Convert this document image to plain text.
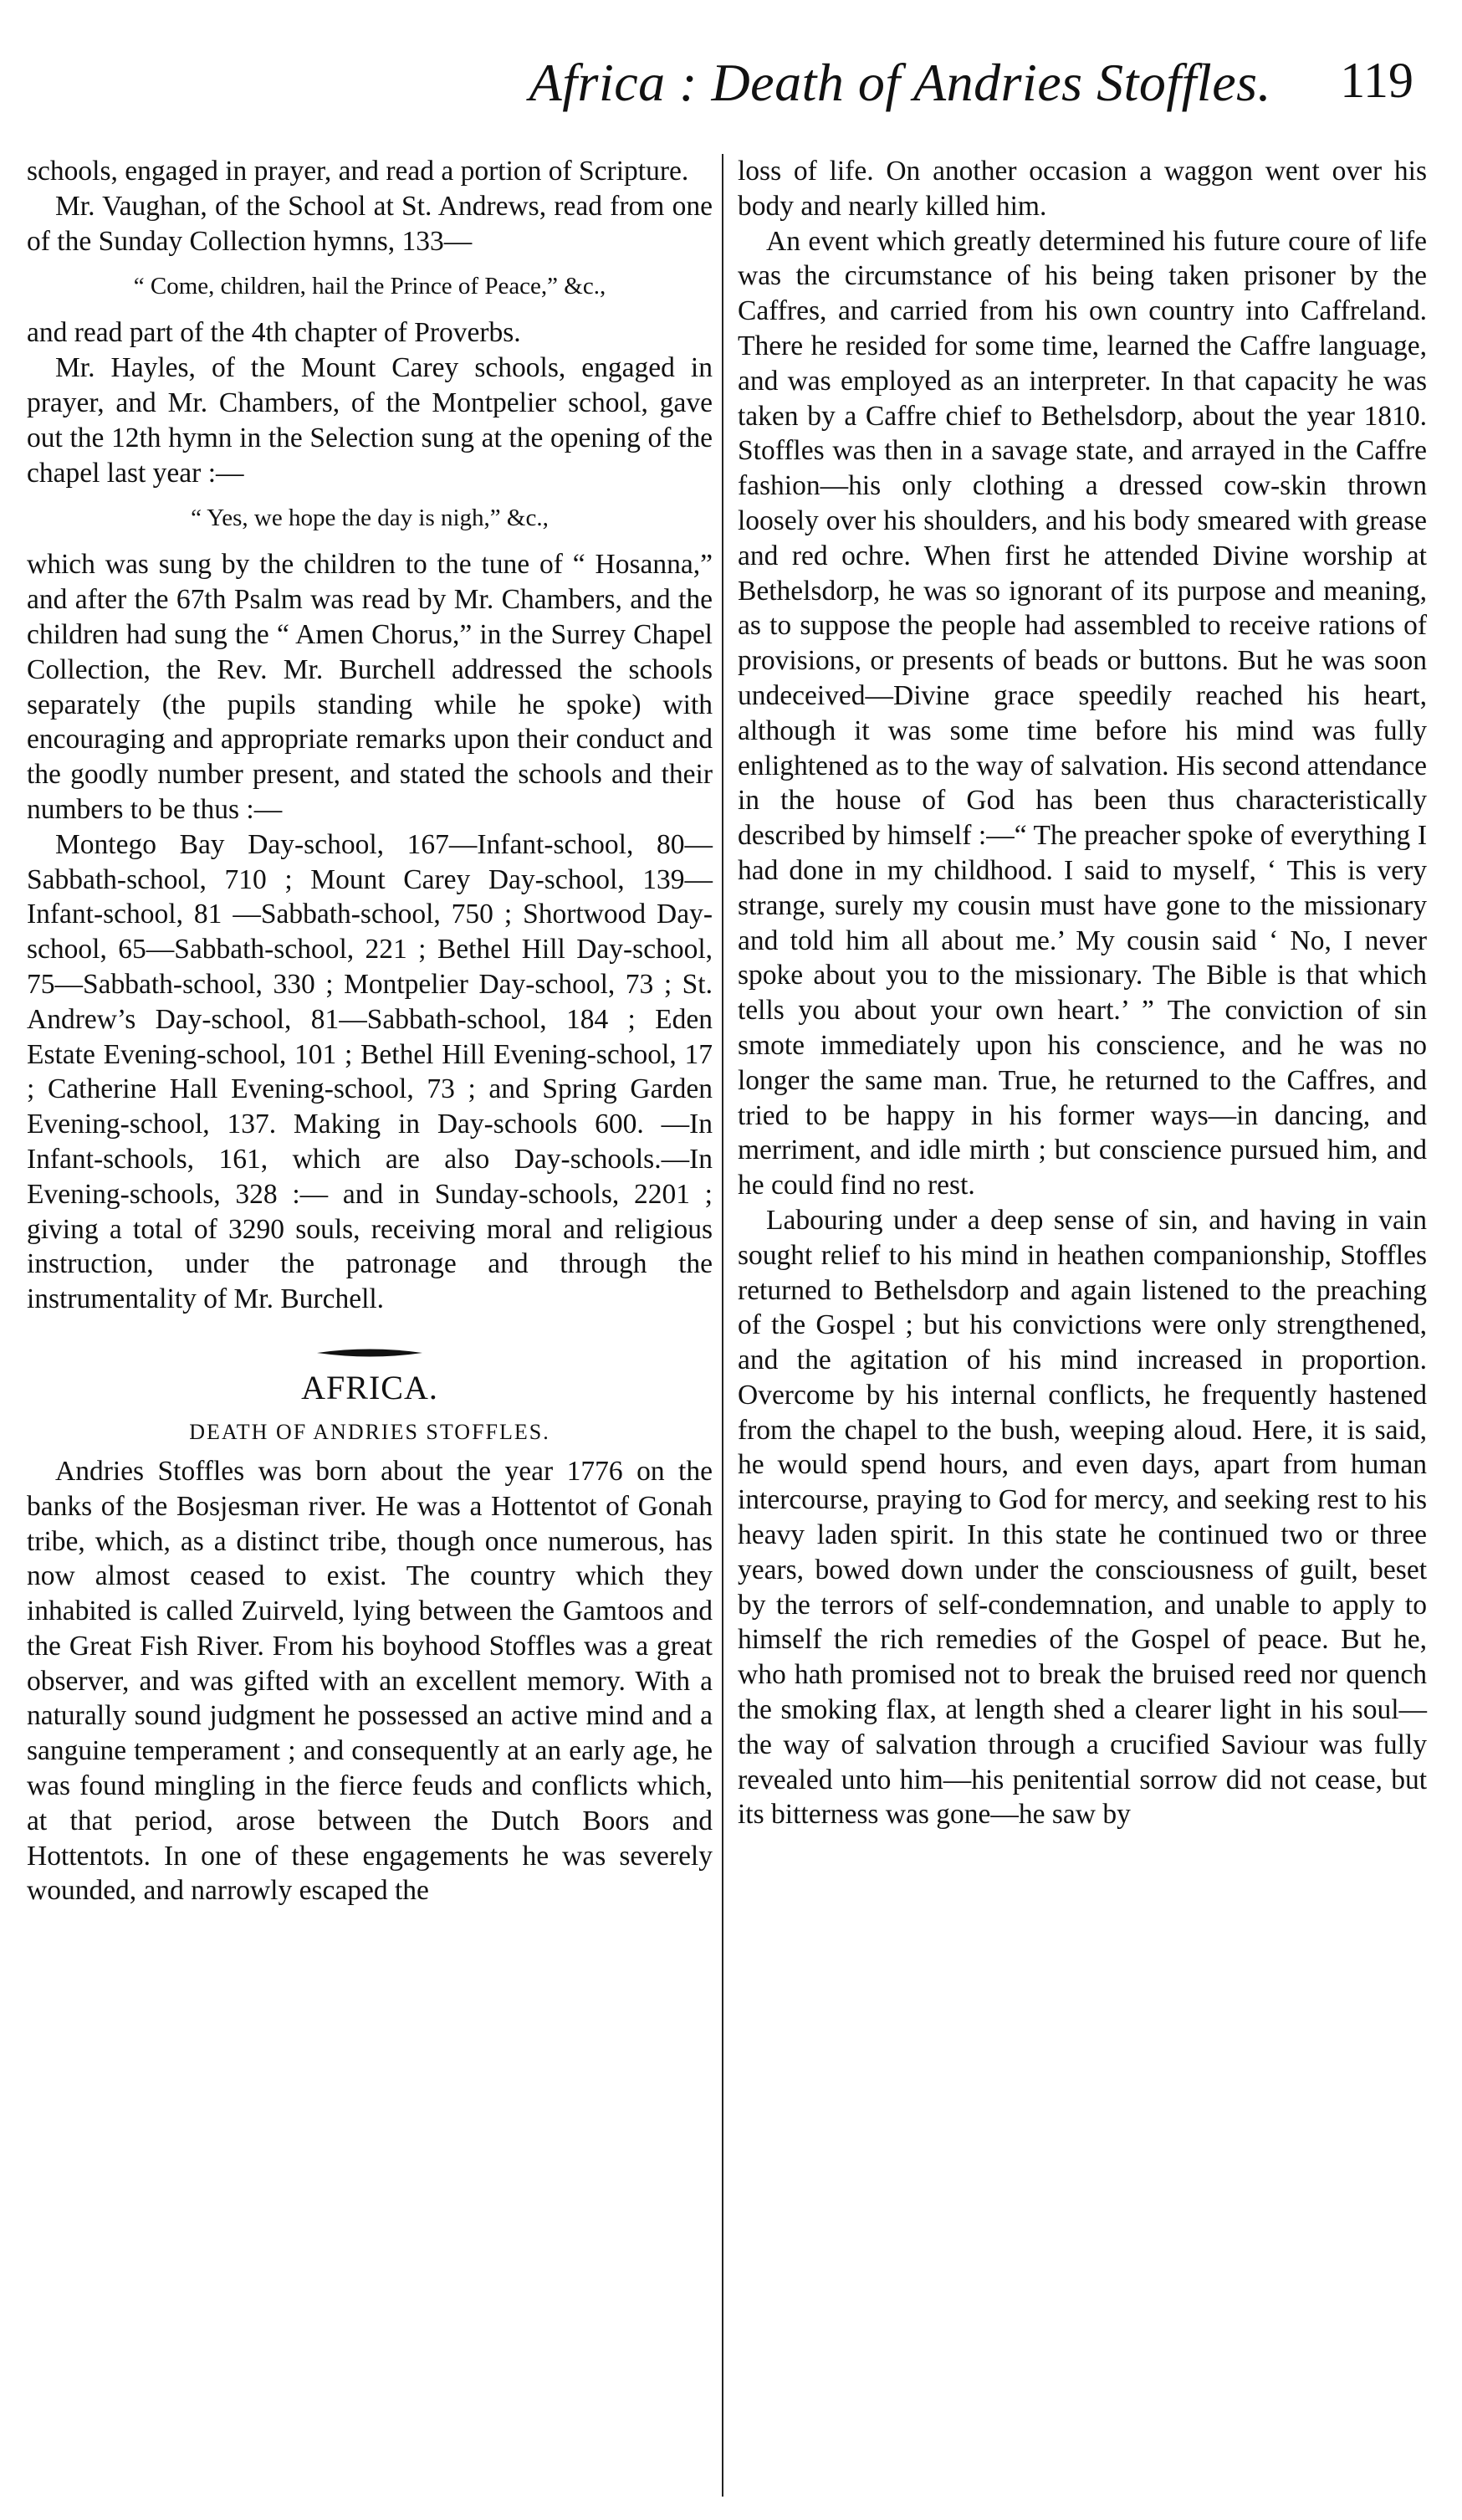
Africa : Death of Andries Stoffles. 119

schools, engaged in prayer, and read a portion of Scripture.

Mr. Vaughan, of the School at St. Andrews, read from one of the Sunday Collection hymns, 133—

“ Come, children, hail the Prince of Peace,” &c.,

and read part of the 4th chapter of Proverbs.

Mr. Hayles, of the Mount Carey schools, engaged in prayer, and Mr. Chambers, of the Montpelier school, gave out the 12th hymn in the Selection sung at the opening of the chapel last year :—

“ Yes, we hope the day is nigh,” &c.,

which was sung by the children to the tune of “ Hosanna,” and after the 67th Psalm was read by Mr. Chambers, and the children had sung the “ Amen Chorus,” in the Surrey Chapel Collection, the Rev. Mr. Burchell addressed the schools separately (the pupils standing while he spoke) with encouraging and appropriate remarks upon their conduct and the goodly number present, and stated the schools and their numbers to be thus :—

Montego Bay Day-school, 167—Infant-school, 80—Sabbath-school, 710 ; Mount Carey Day-school, 139—Infant-school, 81 —Sabbath-school, 750 ; Shortwood Day-school, 65—Sabbath-school, 221 ; Bethel Hill Day-school, 75—Sabbath-school, 330 ; Montpelier Day-school, 73 ; St. Andrew’s Day-school, 81—Sabbath-school, 184 ; Eden Estate Evening-school, 101 ; Bethel Hill Evening-school, 17 ; Catherine Hall Evening-school, 73 ; and Spring Garden Evening-school, 137. Making in Day-schools 600. —In Infant-schools, 161, which are also Day-schools.—In Evening-schools, 328 :— and in Sunday-schools, 2201 ; giving a total of 3290 souls, receiving moral and religious instruction, under the patronage and through the instrumentality of Mr. Burchell.

AFRICA.

DEATH OF ANDRIES STOFFLES.

Andries Stoffles was born about the year 1776 on the banks of the Bosjesman river. He was a Hottentot of Gonah tribe, which, as a distinct tribe, though once numerous, has now almost ceased to exist. The country which they inhabited is called Zuirveld, lying between the Gamtoos and the Great Fish River. From his boyhood Stoffles was a great observer, and was gifted with an excellent memory. With a naturally sound judgment he possessed an active mind and a sanguine temperament ; and consequently at an early age, he was found mingling in the fierce feuds and conflicts which, at that period, arose between the Dutch Boors and Hottentots. In one of these engagements he was severely wounded, and narrowly escaped the

loss of life. On another occasion a waggon went over his body and nearly killed him.

An event which greatly determined his future coure of life was the circumstance of his being taken prisoner by the Caffres, and carried from his own country into Caffreland. There he resided for some time, learned the Caffre language, and was employed as an interpreter. In that capacity he was taken by a Caffre chief to Bethelsdorp, about the year 1810. Stoffles was then in a savage state, and arrayed in the Caffre fashion—his only clothing a dressed cow-skin thrown loosely over his shoulders, and his body smeared with grease and red ochre. When first he attended Divine worship at Bethelsdorp, he was so ignorant of its purpose and meaning, as to suppose the people had assembled to receive rations of provisions, or presents of beads or buttons. But he was soon undeceived—Divine grace speedily reached his heart, although it was some time before his mind was fully enlightened as to the way of salvation. His second attendance in the house of God has been thus characteristically described by himself :—“ The preacher spoke of everything I had done in my childhood. I said to myself, ‘ This is very strange, surely my cousin must have gone to the missionary and told him all about me.’ My cousin said ‘ No, I never spoke about you to the missionary. The Bible is that which tells you about your own heart.’ ” The conviction of sin smote immediately upon his conscience, and he was no longer the same man. True, he returned to the Caffres, and tried to be happy in his former ways—in dancing, and merriment, and idle mirth ; but conscience pursued him, and he could find no rest.

Labouring under a deep sense of sin, and having in vain sought relief to his mind in heathen companionship, Stoffles returned to Bethelsdorp and again listened to the preaching of the Gospel ; but his convictions were only strengthened, and the agitation of his mind increased in proportion. Overcome by his internal conflicts, he frequently hastened from the chapel to the bush, weeping aloud. Here, it is said, he would spend hours, and even days, apart from human intercourse, praying to God for mercy, and seeking rest to his heavy laden spirit. In this state he continued two or three years, bowed down under the consciousness of guilt, beset by the terrors of self-condemnation, and unable to apply to himself the rich remedies of the Gospel of peace. But he, who hath promised not to break the bruised reed nor quench the smoking flax, at length shed a clearer light in his soul—the way of salvation through a crucified Saviour was fully revealed unto him—his penitential sorrow did not cease, but its bitterness was gone—he saw by
